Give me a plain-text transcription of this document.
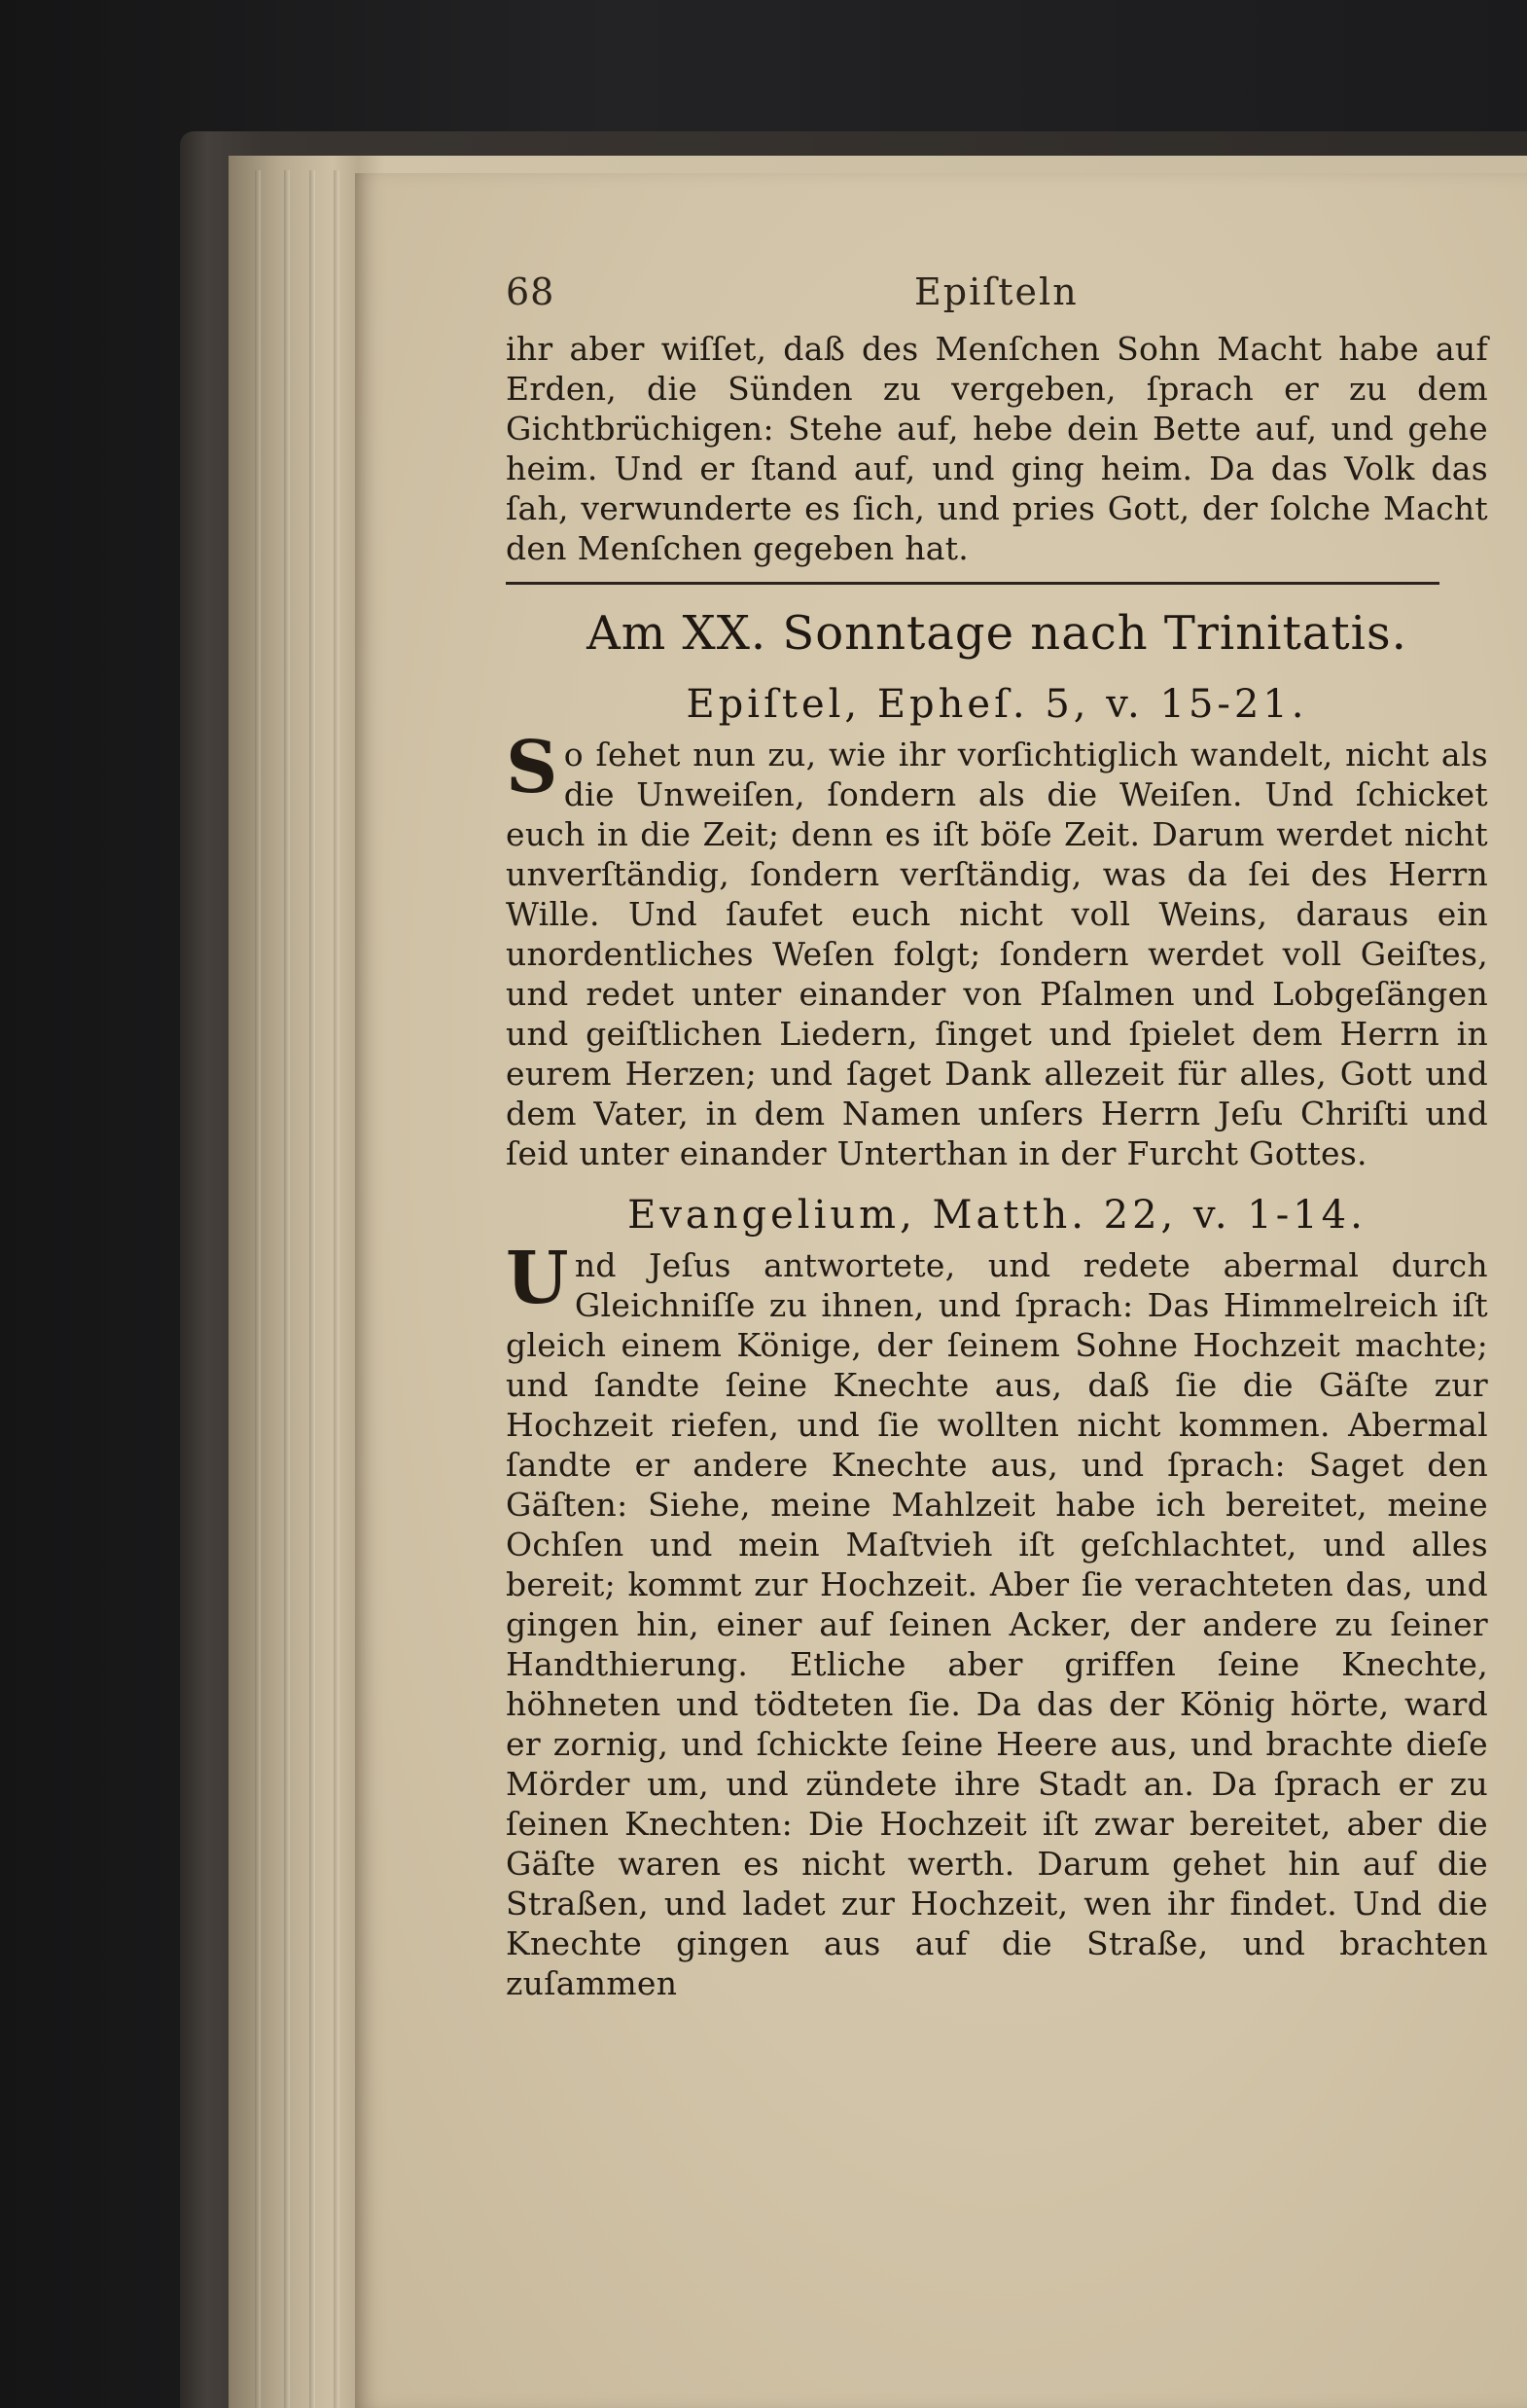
68	Epiſteln

ihr aber wiſſet, daß des Menſchen Sohn Macht habe auf Erden, die Sünden zu vergeben, ſprach er zu dem Gichtbrüchigen: Stehe auf, hebe dein Bette auf, und gehe heim. Und er ſtand auf, und ging heim. Da das Volk das ſah, verwunderte es ſich, und pries Gott, der ſolche Macht den Menſchen gegeben hat.

Am XX. Sonntage nach Trinitatis.
Epiſtel, Epheſ. 5, v. 15-21.

So ſehet nun zu, wie ihr vorſichtiglich wandelt, nicht als die Unweiſen, ſondern als die Weiſen. Und ſchicket euch in die Zeit; denn es iſt böſe Zeit. Darum werdet nicht unverſtändig, ſondern verſtändig, was da ſei des Herrn Wille. Und ſaufet euch nicht voll Weins, daraus ein unordentliches Weſen folgt; ſondern werdet voll Geiſtes, und redet unter einander von Pſalmen und Lobgeſängen und geiſtlichen Liedern, ſinget und ſpielet dem Herrn in eurem Herzen; und ſaget Dank allezeit für alles, Gott und dem Vater, in dem Namen unſers Herrn Jeſu Chriſti und ſeid unter einander Unterthan in der Furcht Gottes.

Evangelium, Matth. 22, v. 1-14.

Und Jeſus antwortete, und redete abermal durch Gleichniſſe zu ihnen, und ſprach: Das Himmelreich iſt gleich einem Könige, der ſeinem Sohne Hochzeit machte; und ſandte ſeine Knechte aus, daß ſie die Gäſte zur Hochzeit riefen, und ſie wollten nicht kommen. Abermal ſandte er andere Knechte aus, und ſprach: Saget den Gäſten: Siehe, meine Mahlzeit habe ich bereitet, meine Ochſen und mein Maſtvieh iſt geſchlachtet, und alles bereit; kommt zur Hochzeit. Aber ſie verachteten das, und gingen hin, einer auf ſeinen Acker, der andere zu ſeiner Handthierung. Etliche aber griffen ſeine Knechte, höhneten und tödteten ſie. Da das der König hörte, ward er zornig, und ſchickte ſeine Heere aus, und brachte dieſe Mörder um, und zündete ihre Stadt an. Da ſprach er zu ſeinen Knechten: Die Hochzeit iſt zwar bereitet, aber die Gäſte waren es nicht werth. Darum gehet hin auf die Straßen, und ladet zur Hochzeit, wen ihr findet. Und die Knechte gingen aus auf die Straße, und brachten zuſammen
